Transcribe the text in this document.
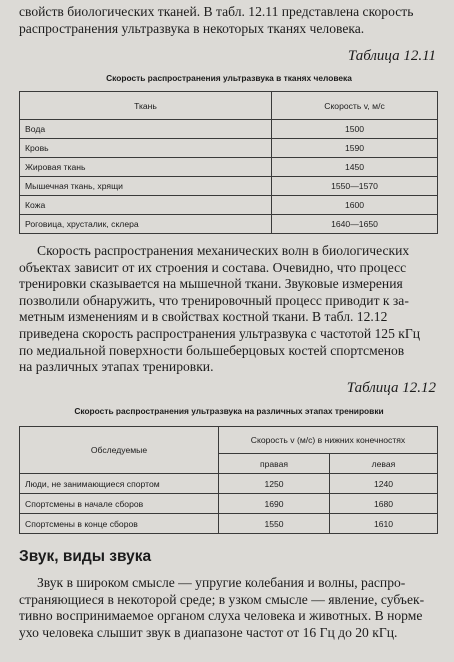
свойств биологических тканей. В табл. 12.11 представлена скорость
распространения ультразвука в некоторых тканях человека.

Таблица 12.11
Скорость распространения ультразвука в тканях человека
Ткань	Скорость v, м/с
Вода	1500
Кровь	1590
Жировая ткань	1450
Мышечная ткань, хрящи	1550—1570
Кожа	1600
Роговица, хрусталик, склера	1640—1650

Скорость распространения механических волн в биологических
объектах зависит от их строения и состава. Очевидно, что процесс
тренировки сказывается на мышечной ткани. Звуковые измерения
позволили обнаружить, что тренировочный процесс приводит к за-
метным изменениям и в свойствах костной ткани. В табл. 12.12
приведена скорость распространения ультразвука с частотой 125 кГц
по медиальной поверхности большеберцовых костей спортсменов
на различных этапах тренировки.

Таблица 12.12
Скорость распространения ультразвука на различных этапах тренировки
Обследуемые	Скорость v (м/с) в нижних конечностях	
	правая	левая
Люди, не занимающиеся спортом	1250	1240
Спортсмены в начале сборов	1690	1680
Спортсмены в конце сборов	1550	1610
Звук, виды звука

Звук в широком смысле — упругие колебания и волны, распро-
страняющиеся в некоторой среде; в узком смысле — явление, субъек-
тивно воспринимаемое органом слуха человека и животных. В норме
ухо человека слышит звук в диапазоне частот от 16 Гц до 20 кГц.
